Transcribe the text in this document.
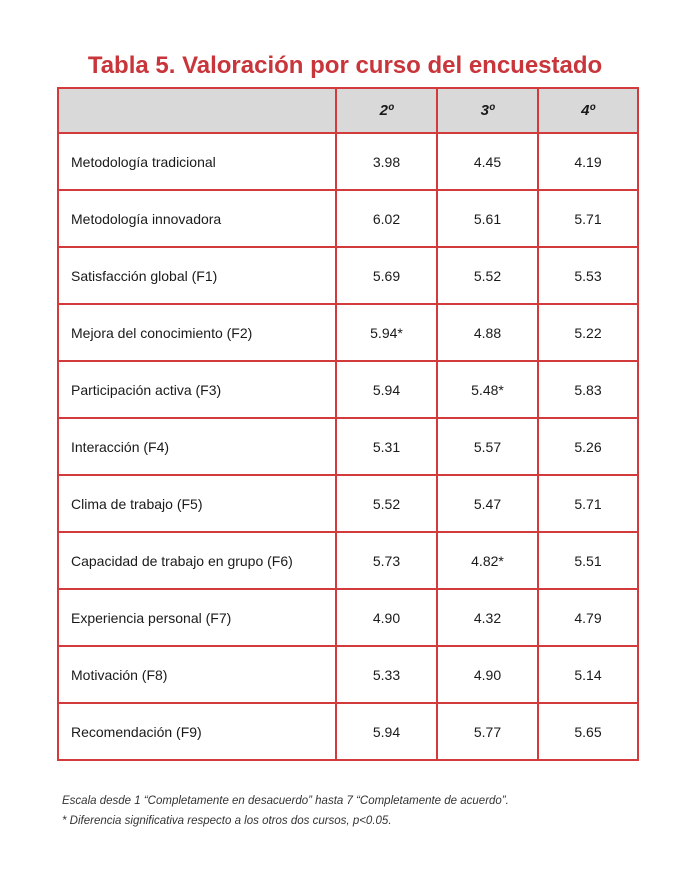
Tabla 5. Valoración por curso del encuestado
	2º	3º	4º
Metodología tradicional	3.98	4.45	4.19
Metodología innovadora	6.02	5.61	5.71
Satisfacción global (F1)	5.69	5.52	5.53
Mejora del conocimiento (F2)	5.94*	4.88	5.22
Participación activa (F3)	5.94	5.48*	5.83
Interacción (F4)	5.31	5.57	5.26
Clima de trabajo (F5)	5.52	5.47	5.71
Capacidad de trabajo en grupo (F6)	5.73	4.82*	5.51
Experiencia personal (F7)	4.90	4.32	4.79
Motivación (F8)	5.33	4.90	5.14
Recomendación (F9)	5.94	5.77	5.65

Escala desde 1 “Completamente en desacuerdo” hasta 7 “Completamente de acuerdo”.

* Diferencia significativa respecto a los otros dos cursos, p<0.05.
